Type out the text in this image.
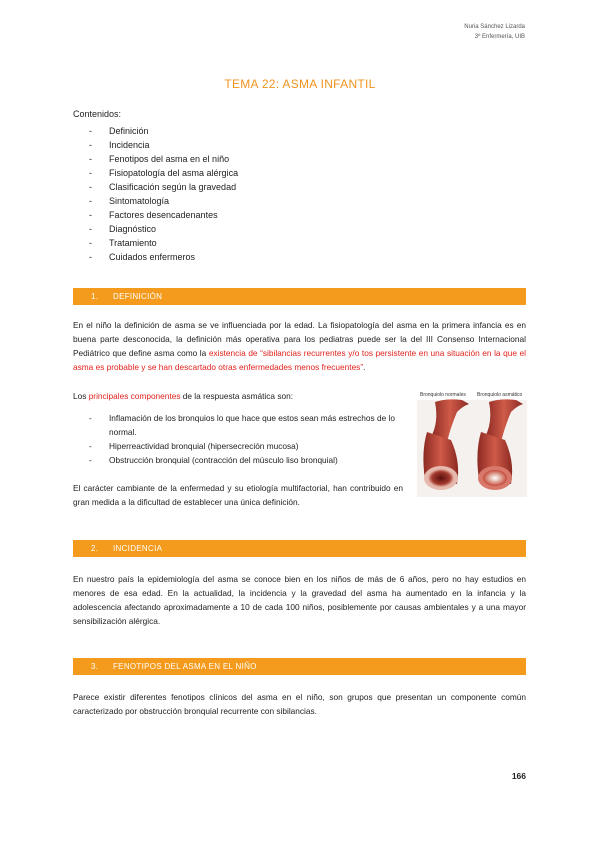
Nuria Sánchez Lizarda
3º Enfermería, UIB
TEMA 22: ASMA INFANTIL
Contenidos:
- Definición
- Incidencia
- Fenotipos del asma en el niño
- Fisiopatología del asma alérgica
- Clasificación según la gravedad
- Sintomatología
- Factores desencadenantes
- Diagnóstico
- Tratamiento
- Cuidados enfermeros
1. DEFINICIÓN
En el niño la definición de asma se ve influenciada por la edad. La fisiopatología del asma en la primera infancia es en buena parte desconocida, la definición más operativa para los pediatras puede ser la del III Consenso Internacional Pediátrico que define asma como la existencia de “sibilancias recurrentes y/o tos persistente en una situación en la que el asma es probable y se han descartado otras enfermedades menos frecuentes”.
Los principales componentes de la respuesta asmática son:
- Inflamación de los bronquios lo que hace que estos sean más estrechos de lo normal.
- Hiperreactividad bronquial (hipersecreción mucosa)
- Obstrucción bronquial (contracción del músculo liso bronquial)
El carácter cambiante de la enfermedad y su etiología multifactorial, han contribuido en gran medida a la dificultad de establecer una única definición.
Bronquiolo normales Bronquiolo asmático
2. INCIDENCIA
En nuestro país la epidemiología del asma se conoce bien en los niños de más de 6 años, pero no hay estudios en menores de esa edad. En la actualidad, la incidencia y la gravedad del asma ha aumentado en la infancia y la adolescencia afectando aproximadamente a 10 de cada 100 niños, posiblemente por causas ambientales y a una mayor sensibilización alérgica.
3. FENOTIPOS DEL ASMA EN EL NIÑO
Parece existir diferentes fenotipos clínicos del asma en el niño, son grupos que presentan un componente común caracterizado por obstrucción bronquial recurrente con sibilancias.
166
